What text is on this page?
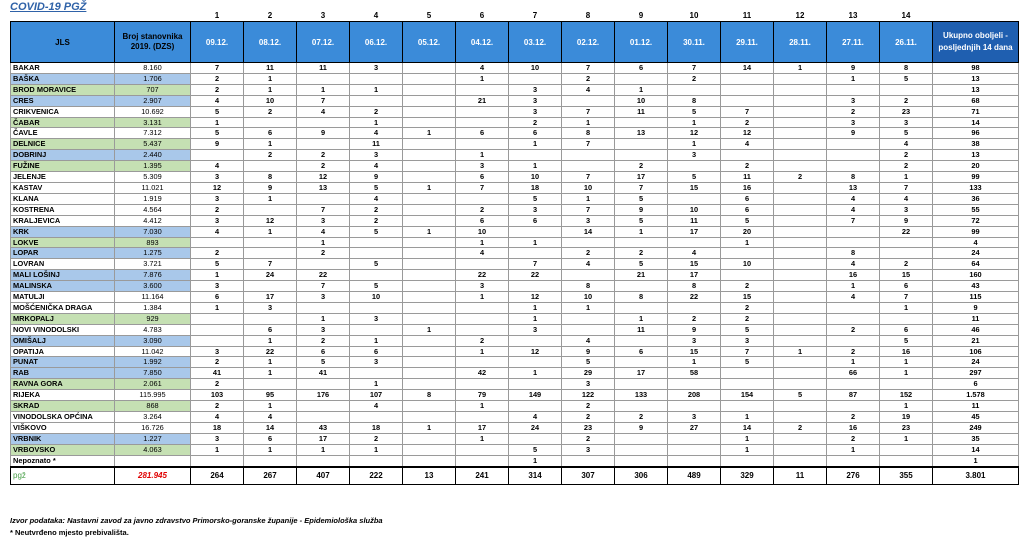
COVID-19 PGŽ
		1	2	3	4	5	6	7	8	9	10	11	12	13	14	
JLS	Broj stanovnika 2019. (DZS)	09.12.	08.12.	07.12.	06.12.	05.12.	04.12.	03.12.	02.12.	01.12.	30.11.	29.11.	28.11.	27.11.	26.11.	Ukupno oboljeli - posljednjih 14 dana
BAKAR	8.160	7	11	11	3		4	10	7	6	7	14	1	9	8	98
BAŠKA	1.706	2	1				1		2		2			1	5	13
BROD MORAVICE	707	2	1	1	1			3	4	1						13
CRES	2.907	4	10	7			21	3		10	8			3	2	68
CRIKVENICA	10.692	5	2	4	2			3	7	11	5	7		2	23	71
ČABAR	3.131	1			1			2	1		1	2		3	3	14
ČAVLE	7.312	5	6	9	4	1	6	6	8	13	12	12		9	5	96
DELNICE	5.437	9	1		11			1	7		1	4			4	38
DOBRINJ	2.440		2	2	3		1				3				2	13
FUŽINE	1.395	4		2	4		3	1		2		2			2	20
JELENJE	5.309	3	8	12	9		6	10	7	17	5	11	2	8	1	99
KASTAV	11.021	12	9	13	5	1	7	18	10	7	15	16		13	7	133
KLANA	1.919	3	1		4			5	1	5		6		4	4	36
KOSTRENA	4.564	2		7	2		2	3	7	9	10	6		4	3	55
KRALJEVICA	4.412	3	12	3	2		6	6	3	5	11	5		7	9	72
KRK	7.030	4	1	4	5	1	10		14	1	17	20			22	99
LOKVE	893			1			1	1				1				4
LOPAR	1.275	2		2			4		2	2	4			8		24
LOVRAN	3.721	5	7		5			7	4	5	15	10		4	2	64
MALI LOŠINJ	7.876	1	24	22			22	22		21	17			16	15	160
MALINSKA	3.600	3		7	5		3		8		8	2		1	6	43
MATULJI	11.164	6	17	3	10		1	12	10	8	22	15		4	7	115
MOŠĆENIČKA DRAGA	1.384	1	3					1	1			2			1	9
MRKOPALJ	929			1	3			1		1	2	2				11
NOVI VINODOLSKI	4.783		6	3		1		3		11	9	5		2	6	46
OMIŠALJ	3.090		1	2	1		2		4		3	3			5	21
OPATIJA	11.042	3	22	6	6		1	12	9	6	15	7	1	2	16	106
PUNAT	1.992	2	1	5	3				5		1	5		1	1	24
RAB	7.850	41	1	41			42	1	29	17	58			66	1	297
RAVNA GORA	2.061	2			1				3							6
RIJEKA	115.995	103	95	176	107	8	79	149	122	133	208	154	5	87	152	1.578
SKRAD	868	2	1		4		1		2						1	11
VINODOLSKA OPĆINA	3.264	4	4					4	2	2	3	1		2	19	45
VIŠKOVO	16.726	18	14	43	18	1	17	24	23	9	27	14	2	16	23	249
VRBNIK	1.227	3	6	17	2		1		2			1		2	1	35
VRBOVSKO	4.063	1	1	1	1			5	3			1		1		14
Nepoznato *								1								1
pgž	281.945	264	267	407	222	13	241	314	307	306	489	329	11	276	355	3.801
Izvor podataka: Nastavni zavod za javno zdravstvo Primorsko-goranske županije - Epidemiološka služba
* Neutvrđeno mjesto prebivališta.
